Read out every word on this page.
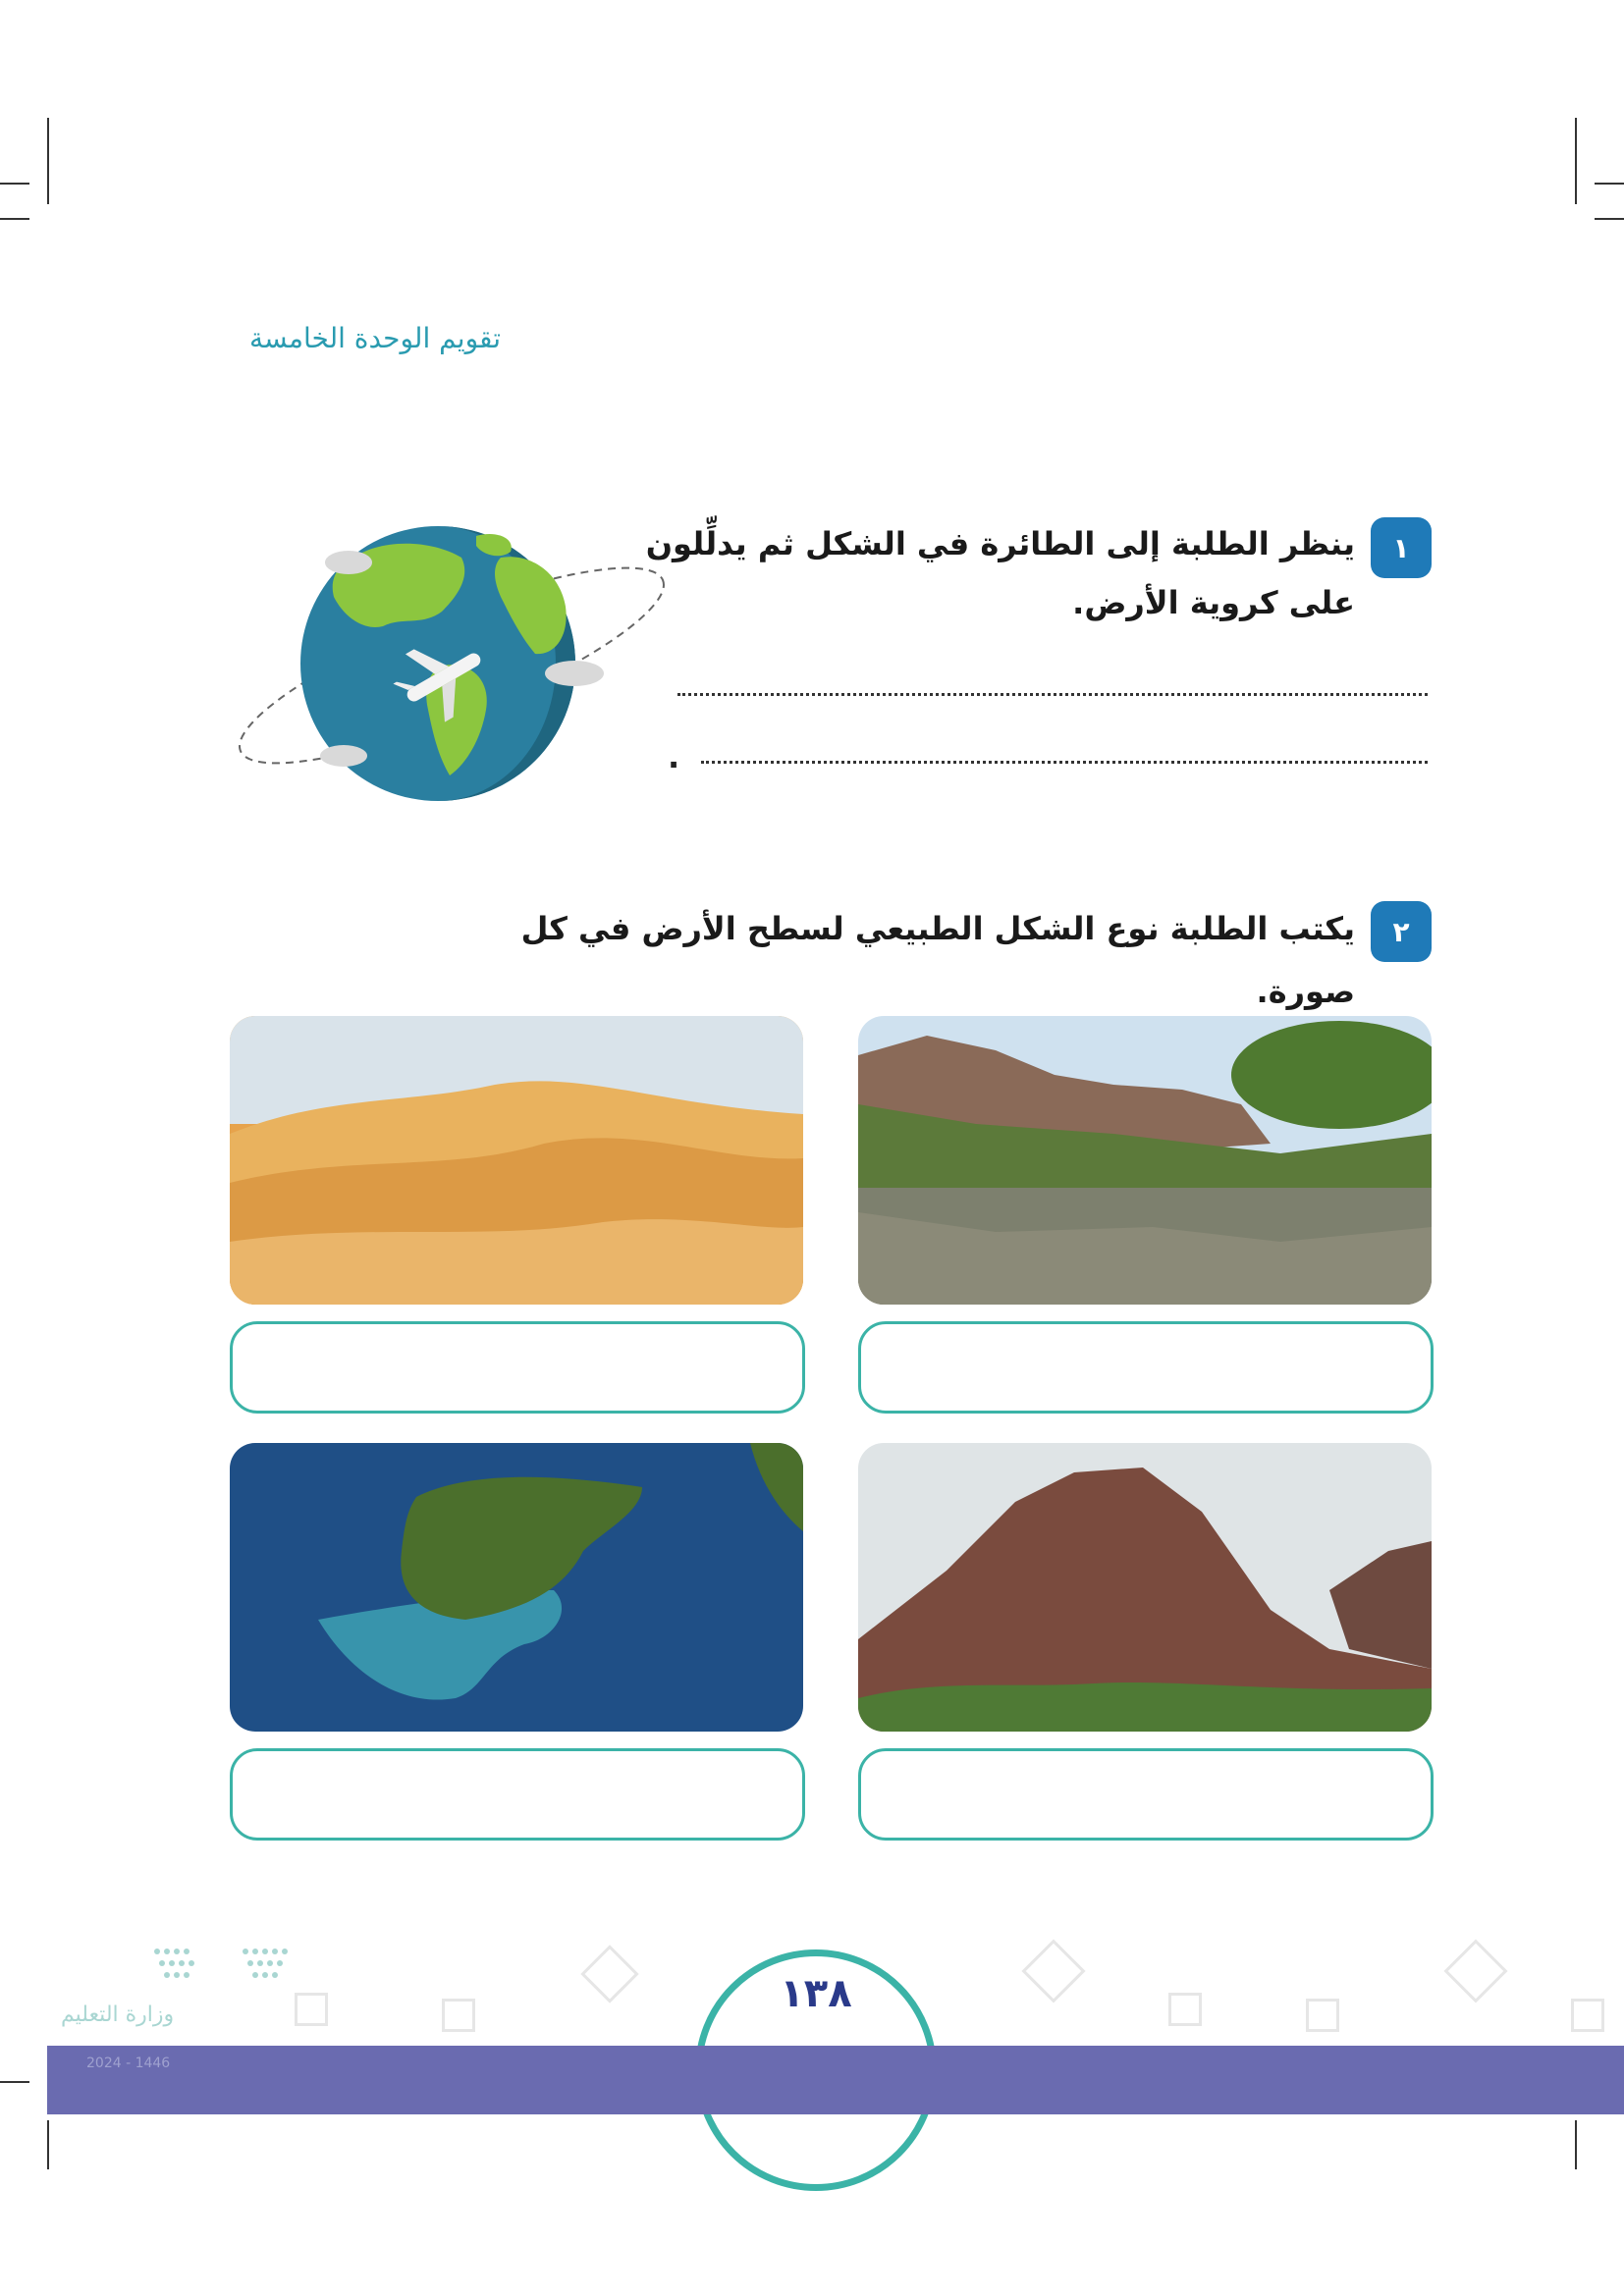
تقويم الوحدة الخامسة
١
ينظر الطلبة إلى الطائرة في الشكل ثم يدلِّلون
على كروية الأرض.
.
٢
يكتب الطلبة نوع الشكل الطبيعي لسطح الأرض في كل صورة.
وزارة التعليم
2024 - 1446
١٣٨
